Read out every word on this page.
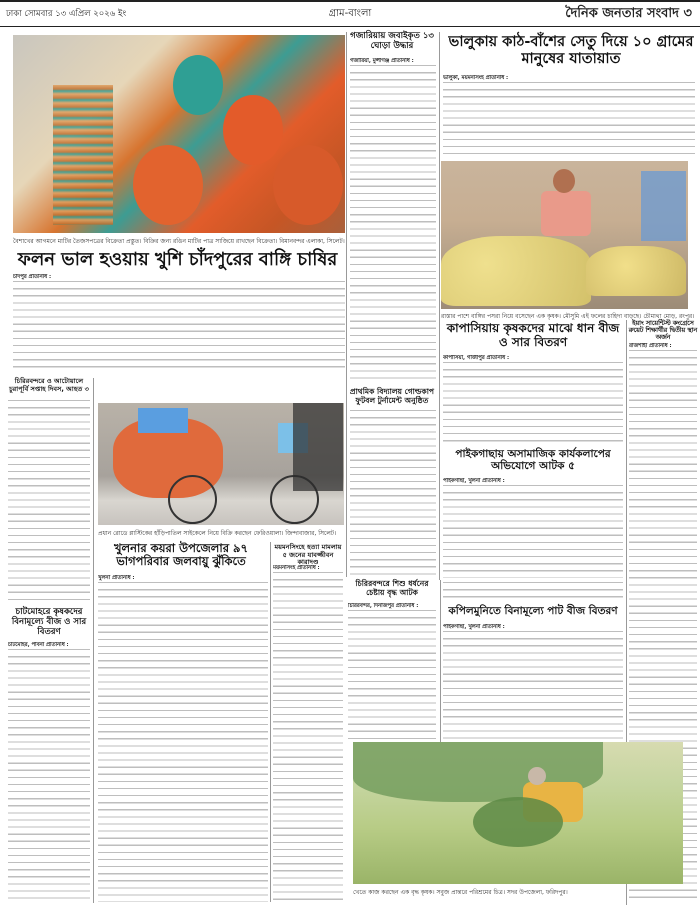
ঢাকা সোমবার ১৩ এপ্রিল ২০২৬ ইং	গ্রাম-বাংলা	দৈনিক জনতার সংবাদ ৩
বৈশাখের আগমনে মাটির তৈজসপত্রের বিক্রেতা প্রস্তুত। বিক্রির জন্য রঙিন মাটির পাত্র সাজিয়ে রাখছেন বিক্রেতা। বিমানবন্দর এলাকা, সিলেট।
ফলন ভাল হওয়ায় খুশি চাঁদপুরের বাঙ্গি চাষির
চাঁদপুর প্রতিনিধি :
চিরিরবন্দরে ও আটোয়ালে চুরাপূর্বি সপ্তাহ দিবস, আহত ৩
চাটমোহরে কৃষকদের বিনামূল্যে বীজ ও সার বিতরণ
চাটমোহর, পাবনা প্রতিনিধি :
প্রধান রোডে প্লাস্টিকের হাঁড়িপাতিল সাইকেলে নিয়ে বিক্রি করছেন ফেরিওয়ালা। জিন্দাবাজার, সিলেট।
খুলনার কয়রা উপজেলার ৯৭ ভাগপরিবার জলবায়ু ঝুঁকিতে
খুলনা প্রতিনিধি :
ময়মনসিংহে হত্যা মামলায় ৫ জনের যাবজ্জীবন কারাদণ্ড
ময়মনসিংহ প্রতিনিধি :
গজারিয়ায় জবাইকৃত ১৩ ঘোড়া উদ্ধার
গজারিয়া, মুন্সীগঞ্জ প্রতিনিধি :
প্রাথমিক বিদ্যালয় গোল্ডকাপ ফুটবল টুর্নামেন্ট অনুষ্ঠিত
ভালুকায় কাঠ-বাঁশের সেতু দিয়ে ১০ গ্রামের মানুষের যাতায়াত
ভালুকা, ময়মনসিংহ প্রতিনিধি :
রাস্তার পাশে বাঙ্গির পসরা নিয়ে বসেছেন এক কৃষক। মৌসুমি এই ফলের চাহিদা বাড়ছে। চৌমাথা মোড়, রংপুর।
কাপাসিয়ায় কৃষকদের মাঝে ধান বীজ ও সার বিতরণ
কাপাসিয়া, গাজীপুর প্রতিনিধি :
পাইকগাছায় অসামাজিক কার্যকলাপের অভিযোগে আটক ৫
পাইকগাছা, খুলনা প্রতিনিধি :
ইয়াং সায়েন্টিস্ট কংগ্রেসে রুয়েট শিক্ষার্থীর দ্বিতীয় স্থান অর্জন
রাজশাহী প্রতিনিধি :
চিরিরবন্দরে শিশু ধর্ষনের চেষ্টায় বৃদ্ধ আটক
চিরিরবন্দর, দিনাজপুর প্রতিনিধি :	কপিলমুনিতে বিনামূল্যে পাট বীজ বিতরণ
পাইকগাছা, খুলনা প্রতিনিধি :
খেতে কাজ করছেন এক বৃদ্ধ কৃষক। সবুজ প্রান্তরে পরিশ্রমের চিত্র। সদর উপজেলা, ফরিদপুর।
